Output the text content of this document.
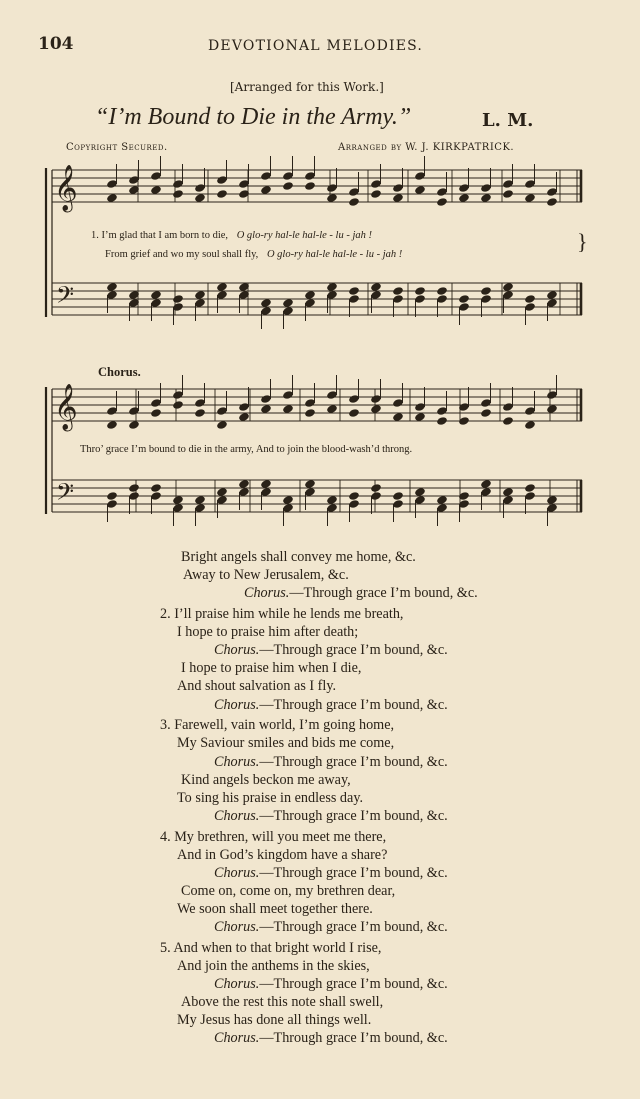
104	DEVOTIONAL MELODIES.
[Arranged for this Work.]
“I’m Bound to Die in the Army.”	L. M.
Copyright Secured.	Arranged by W. J. KIRKPATRICK.
𝄞
𝄢
𝄞
𝄢
1. I’m glad that I am born to die, O glo-ry hal-le hal-le - lu - jah !
From grief and wo my soul shall fly, O glo-ry hal-le hal-le - lu - jah !
}
Chorus.
Thro’ grace I’m bound to die in the army, And to join the blood-wash’d throng.
Bright angels shall convey me home, &c.
Away to New Jerusalem, &c.
Chorus.—Through grace I’m bound, &c.
2. I’ll praise him while he lends me breath,
I hope to praise him after death;
Chorus.—Through grace I’m bound, &c.
I hope to praise him when I die,
And shout salvation as I fly.
Chorus.—Through grace I’m bound, &c.
3. Farewell, vain world, I’m going home,
My Saviour smiles and bids me come,
Chorus.—Through grace I’m bound, &c.
Kind angels beckon me away,
To sing his praise in endless day.
Chorus.—Through grace I’m bound, &c.
4. My brethren, will you meet me there,
And in God’s kingdom have a share?
Chorus.—Through grace I’m bound, &c.
Come on, come on, my brethren dear,
We soon shall meet together there.
Chorus.—Through grace I’m bound, &c.
5. And when to that bright world I rise,
And join the anthems in the skies,
Chorus.—Through grace I’m bound, &c.
Above the rest this note shall swell,
My Jesus has done all things well.
Chorus.—Through grace I’m bound, &c.
